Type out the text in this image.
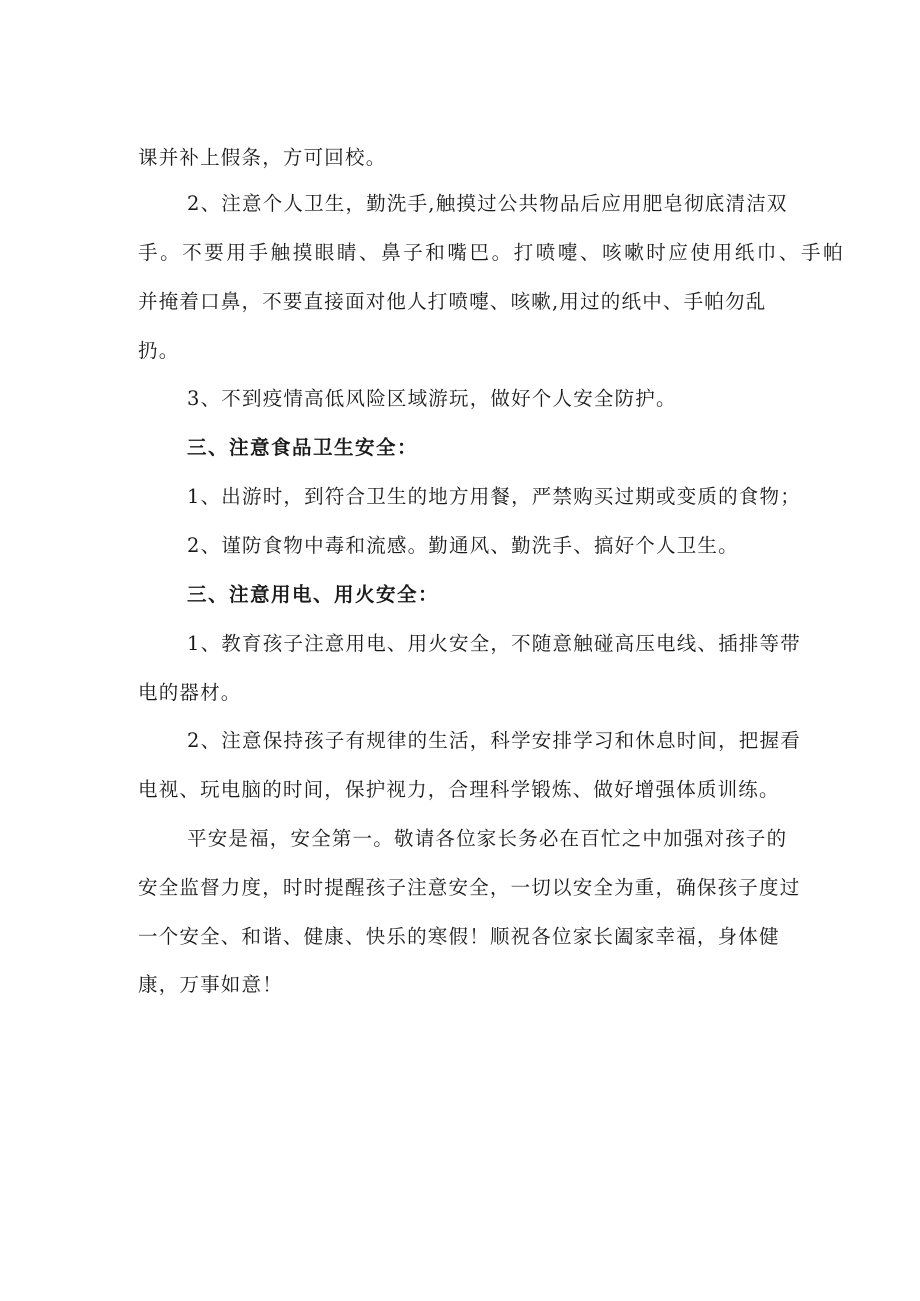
课并补上假条，方可回校。
2、注意个人卫生，勤洗手,触摸过公共物品后应用肥皂彻底清洁双
手。不要用手触摸眼睛、鼻子和嘴巴。打喷嚏、咳嗽时应使用纸巾、手帕
并掩着口鼻，不要直接面对他人打喷嚏、咳嗽,用过的纸中、手帕勿乱
扔。
3、不到疫情高低风险区域游玩，做好个人安全防护。
三、注意食品卫生安全：
1、出游时，到符合卫生的地方用餐，严禁购买过期或变质的食物；
2、谨防食物中毒和流感。勤通风、勤洗手、搞好个人卫生。
三、注意用电、用火安全：
1、教育孩子注意用电、用火安全，不随意触碰高压电线、插排等带
电的器材。
2、注意保持孩子有规律的生活，科学安排学习和休息时间，把握看
电视、玩电脑的时间，保护视力，合理科学锻炼、做好增强体质训练。
平安是福，安全第一。敬请各位家长务必在百忙之中加强对孩子的
安全监督力度，时时提醒孩子注意安全，一切以安全为重，确保孩子度过
一个安全、和谐、健康、快乐的寒假！顺祝各位家长阖家幸福，身体健
康，万事如意！
